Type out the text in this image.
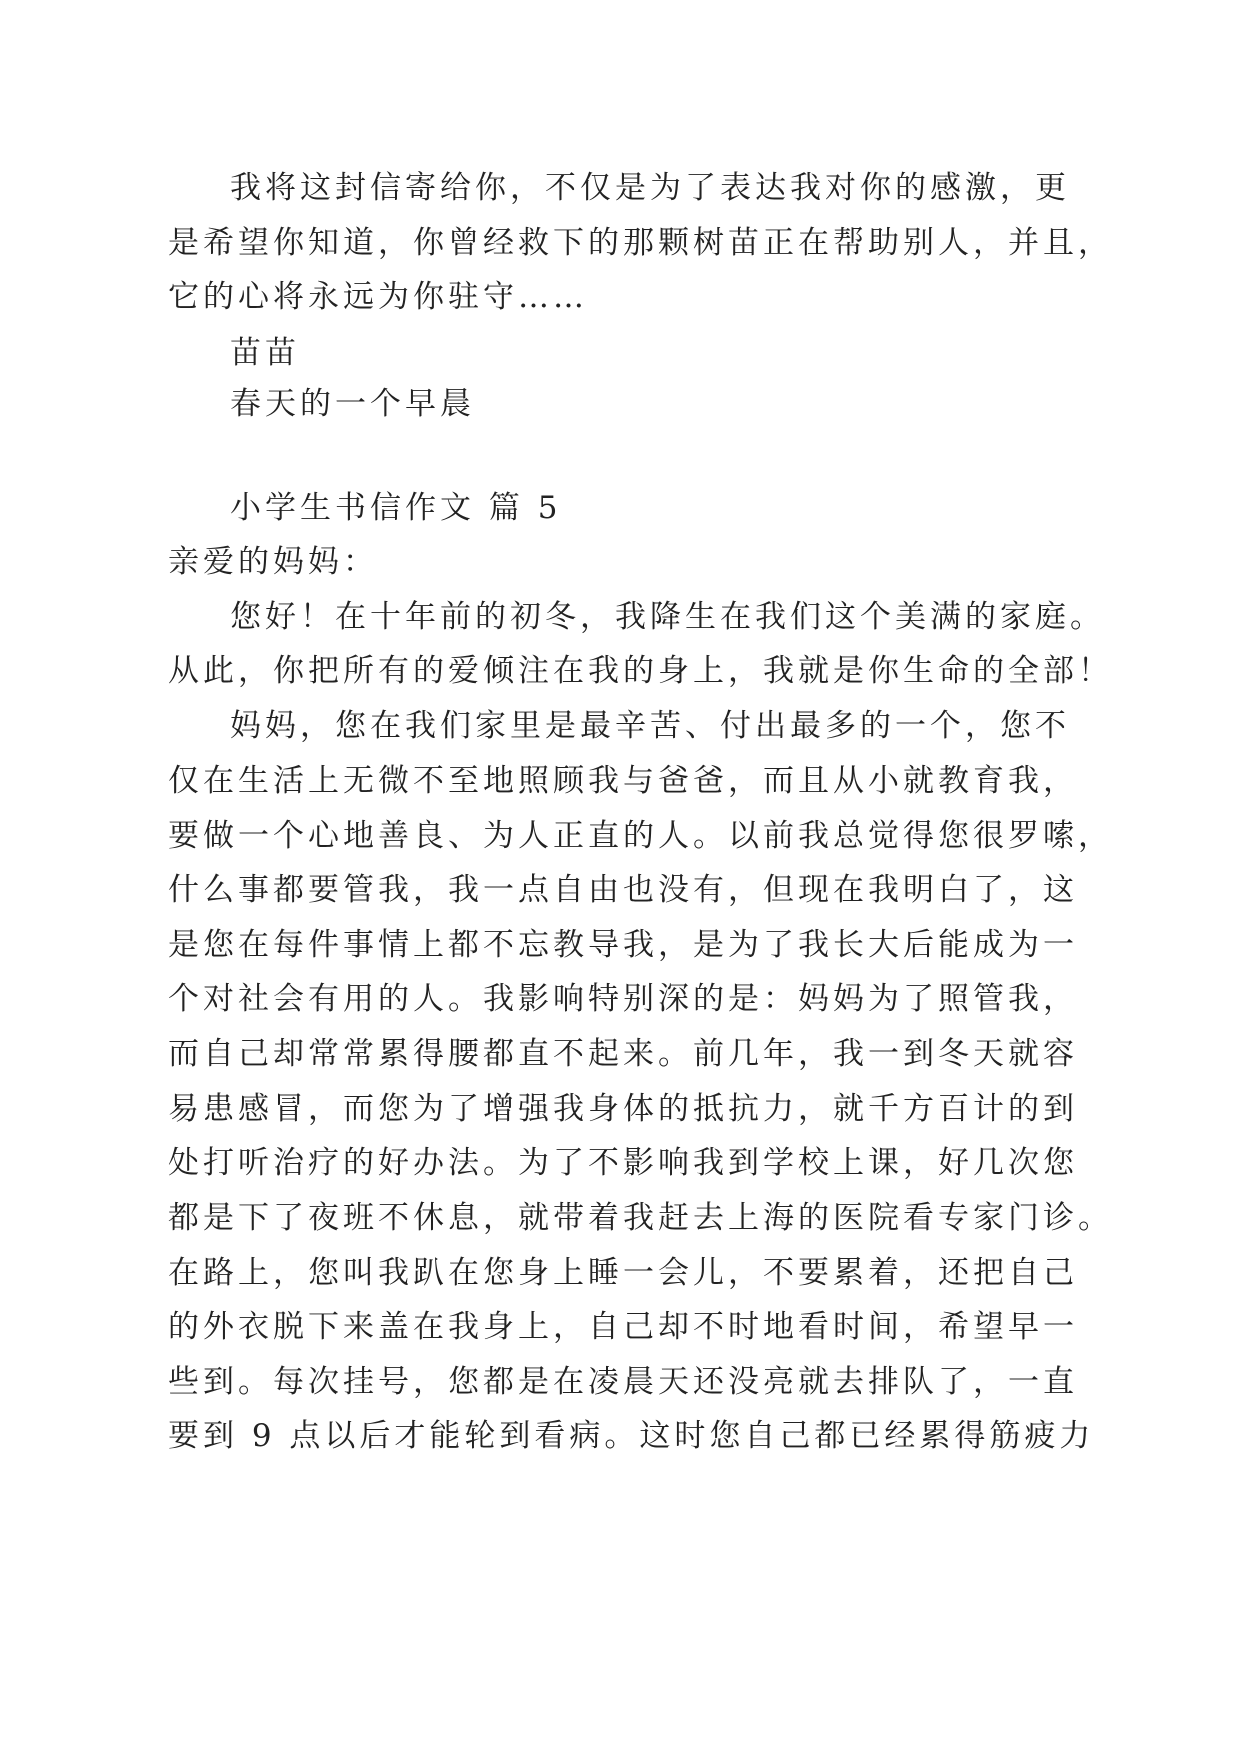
我将这封信寄给你，不仅是为了表达我对你的感激，更
是希望你知道，你曾经救下的那颗树苗正在帮助别人，并且，
它的心将永远为你驻守……
苗苗
春天的一个早晨
小学生书信作文 篇 5
亲爱的妈妈：
您好！在十年前的初冬，我降生在我们这个美满的家庭。
从此，你把所有的爱倾注在我的身上，我就是你生命的全部！
妈妈，您在我们家里是最辛苦、付出最多的一个，您不
仅在生活上无微不至地照顾我与爸爸，而且从小就教育我，
要做一个心地善良、为人正直的人。以前我总觉得您很罗嗦，
什么事都要管我，我一点自由也没有，但现在我明白了，这
是您在每件事情上都不忘教导我，是为了我长大后能成为一
个对社会有用的人。我影响特别深的是：妈妈为了照管我，
而自己却常常累得腰都直不起来。前几年，我一到冬天就容
易患感冒，而您为了增强我身体的抵抗力，就千方百计的到
处打听治疗的好办法。为了不影响我到学校上课，好几次您
都是下了夜班不休息，就带着我赶去上海的医院看专家门诊。
在路上，您叫我趴在您身上睡一会儿，不要累着，还把自己
的外衣脱下来盖在我身上，自己却不时地看时间，希望早一
些到。每次挂号，您都是在凌晨天还没亮就去排队了，一直
要到 9 点以后才能轮到看病。这时您自己都已经累得筋疲力
